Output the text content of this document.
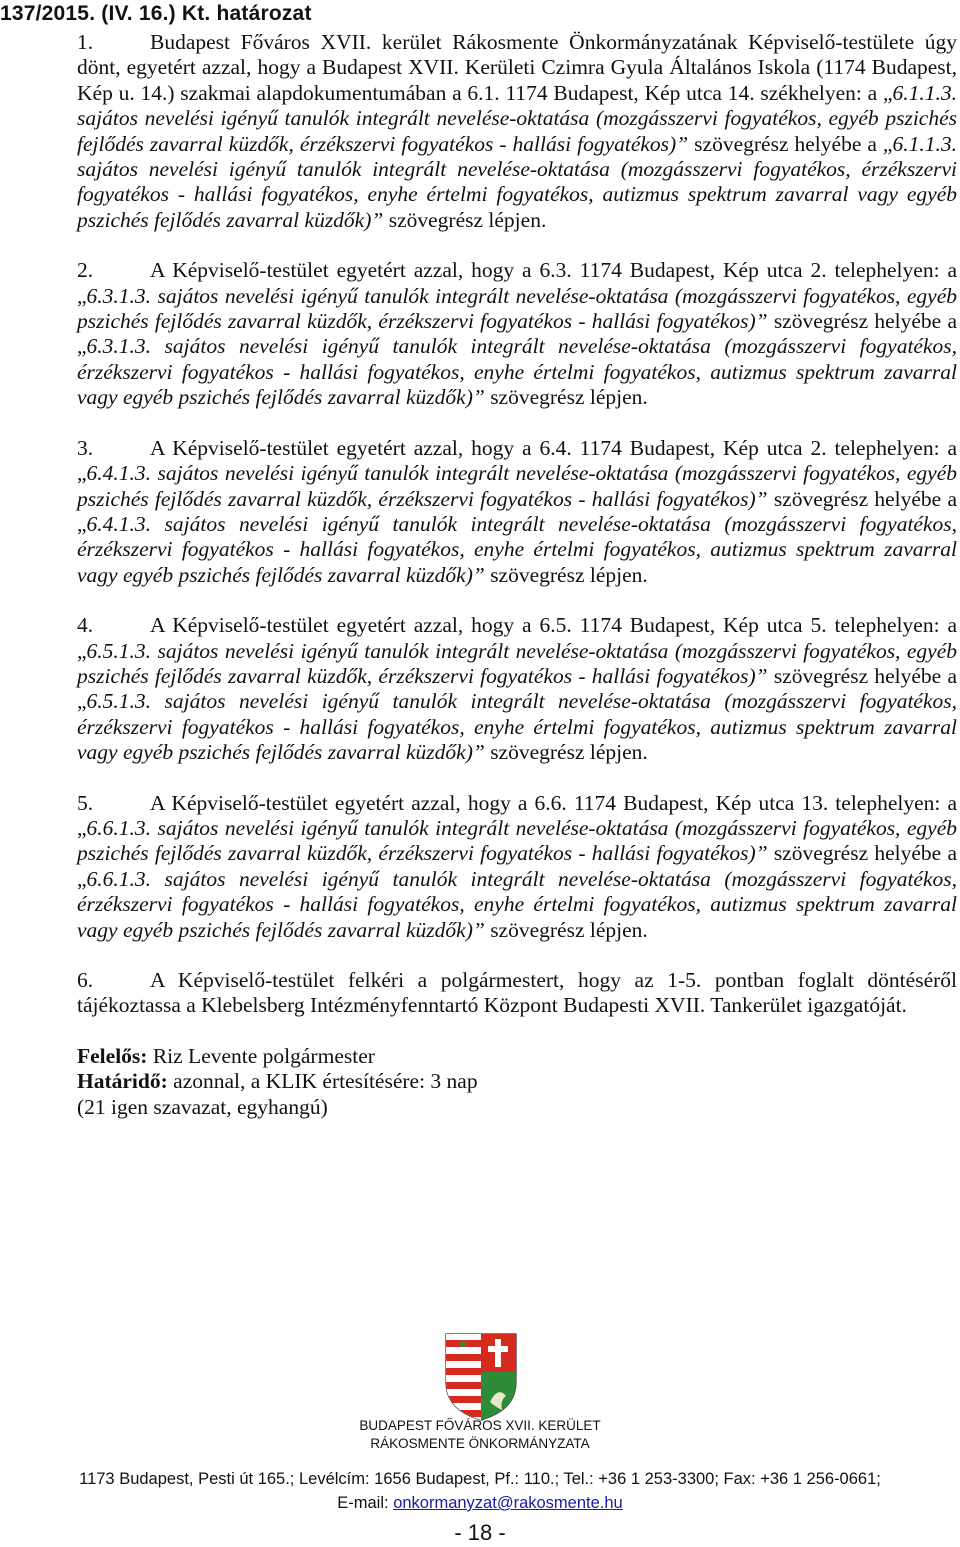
137/2015. (IV. 16.) Kt. határozat

1.	Budapest Főváros XVII. kerület Rákosmente Önkormányzatának Képviselő-testülete úgy dönt, egyetért azzal, hogy a Budapest XVII. Kerületi Czimra Gyula Általános Iskola (1174 Budapest, Kép u. 14.) szakmai alapdokumentumában a 6.1. 1174 Budapest, Kép utca 14. székhelyen: a „6.1.1.3. sajátos nevelési igényű tanulók integrált nevelése-oktatása (mozgásszervi fogyatékos, egyéb pszichés fejlődés zavarral küzdők, érzékszervi fogyatékos - hallási fogyatékos)” szövegrész helyébe a „6.1.1.3. sajátos nevelési igényű tanulók integrált nevelése-oktatása (mozgásszervi fogyatékos, érzékszervi fogyatékos - hallási fogyatékos, enyhe értelmi fogyatékos, autizmus spektrum zavarral vagy egyéb pszichés fejlődés zavarral küzdők)” szövegrész lépjen.

2.	A Képviselő-testület egyetért azzal, hogy a 6.3. 1174 Budapest, Kép utca 2. telephelyen: a „6.3.1.3. sajátos nevelési igényű tanulók integrált nevelése-oktatása (mozgásszervi fogyatékos, egyéb pszichés fejlődés zavarral küzdők, érzékszervi fogyatékos - hallási fogyatékos)” szövegrész helyébe a „6.3.1.3. sajátos nevelési igényű tanulók integrált nevelése-oktatása (mozgásszervi fogyatékos, érzékszervi fogyatékos - hallási fogyatékos, enyhe értelmi fogyatékos, autizmus spektrum zavarral vagy egyéb pszichés fejlődés zavarral küzdők)” szövegrész lépjen.

3.	A Képviselő-testület egyetért azzal, hogy a 6.4. 1174 Budapest, Kép utca 2. telephelyen: a „6.4.1.3. sajátos nevelési igényű tanulók integrált nevelése-oktatása (mozgásszervi fogyatékos, egyéb pszichés fejlődés zavarral küzdők, érzékszervi fogyatékos - hallási fogyatékos)” szövegrész helyébe a „6.4.1.3. sajátos nevelési igényű tanulók integrált nevelése-oktatása (mozgásszervi fogyatékos, érzékszervi fogyatékos - hallási fogyatékos, enyhe értelmi fogyatékos, autizmus spektrum zavarral vagy egyéb pszichés fejlődés zavarral küzdők)” szövegrész lépjen.

4.	A Képviselő-testület egyetért azzal, hogy a 6.5. 1174 Budapest, Kép utca 5. telephelyen: a „6.5.1.3. sajátos nevelési igényű tanulók integrált nevelése-oktatása (mozgásszervi fogyatékos, egyéb pszichés fejlődés zavarral küzdők, érzékszervi fogyatékos - hallási fogyatékos)” szövegrész helyébe a „6.5.1.3. sajátos nevelési igényű tanulók integrált nevelése-oktatása (mozgásszervi fogyatékos, érzékszervi fogyatékos - hallási fogyatékos, enyhe értelmi fogyatékos, autizmus spektrum zavarral vagy egyéb pszichés fejlődés zavarral küzdők)” szövegrész lépjen.

5.	A Képviselő-testület egyetért azzal, hogy a 6.6. 1174 Budapest, Kép utca 13. telephelyen: a „6.6.1.3. sajátos nevelési igényű tanulók integrált nevelése-oktatása (mozgásszervi fogyatékos, egyéb pszichés fejlődés zavarral küzdők, érzékszervi fogyatékos - hallási fogyatékos)” szövegrész helyébe a „6.6.1.3. sajátos nevelési igényű tanulók integrált nevelése-oktatása (mozgásszervi fogyatékos, érzékszervi fogyatékos - hallási fogyatékos, enyhe értelmi fogyatékos, autizmus spektrum zavarral vagy egyéb pszichés fejlődés zavarral küzdők)” szövegrész lépjen.

6.	A Képviselő-testület felkéri a polgármestert, hogy az 1-5. pontban foglalt döntéséről tájékoztassa a Klebelsberg Intézményfenntartó Központ Budapesti XVII. Tankerület igazgatóját.

Felelős: Riz Levente polgármester

Határidő: azonnal, a KLIK értesítésére: 3 nap

(21 igen szavazat, egyhangú)

BUDAPEST FŐVÁROS XVII. KERÜLET
RÁKOSMENTE ÖNKORMÁNYZATA
1173 Budapest, Pesti út 165.; Levélcím: 1656 Budapest, Pf.: 110.; Tel.: +36 1 253-3300; Fax: +36 1 256-0661;
E-mail: onkormanyzat@rakosmente.hu
- 18 -
